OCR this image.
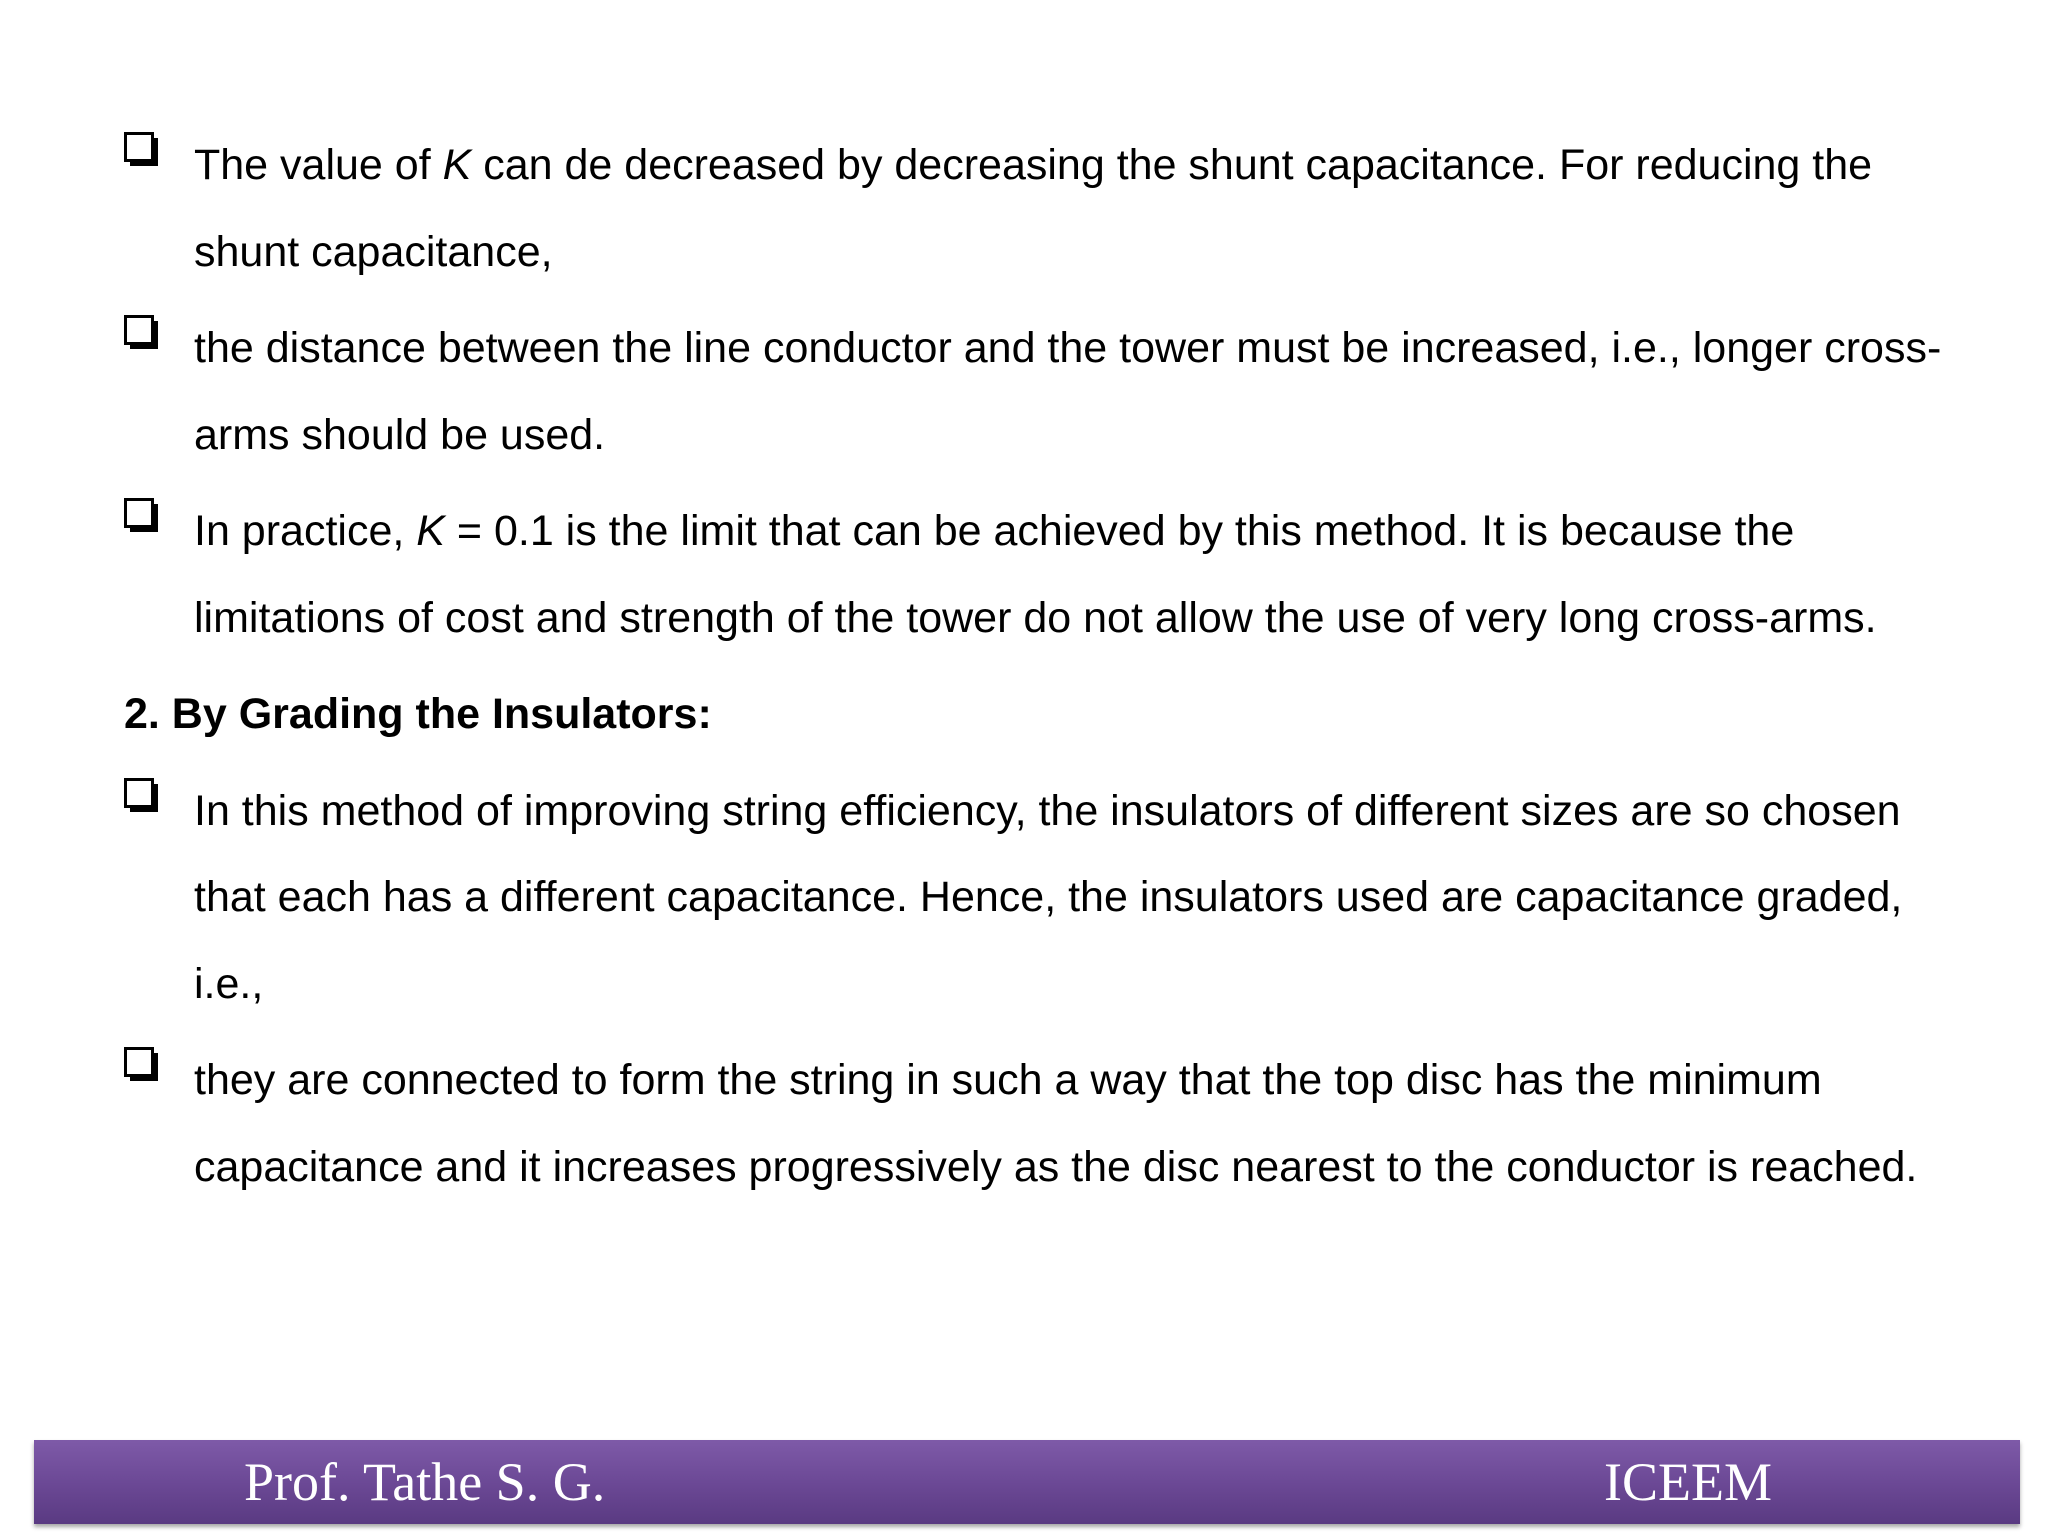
The value of K can de decreased by decreasing the shunt capacitance. For reducing the shunt capacitance,
the distance between the line conductor and the tower must be increased, i.e., longer cross-arms should be used.
In practice, K = 0.1 is the limit that can be achieved by this method. It is because the limitations of cost and strength of the tower do not allow the use of very long cross-arms.
2. By Grading the Insulators:
In this method of improving string efficiency, the insulators of different sizes are so chosen that each has a different capacitance. Hence, the insulators used are capacitance graded, i.e.,
they are connected to form the string in such a way that the top disc has the minimum capacitance and it increases progressively as the disc nearest to the conductor is reached.
Prof. Tathe S. G.	ICEEM
